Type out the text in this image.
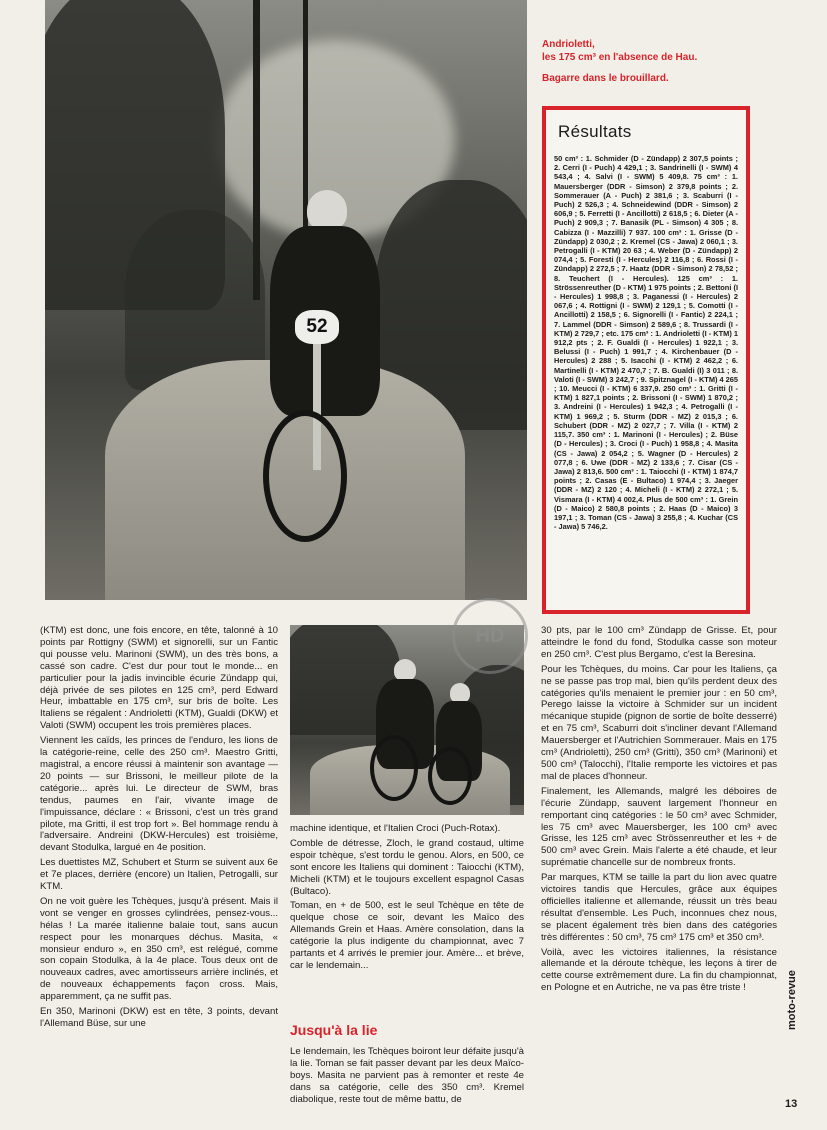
52
Andrioletti,
les 175 cm³ en l'absence de Hau.
Bagarre dans le brouillard.
Résultats

50 cm³ : 1. Schmider (D - Zündapp) 2 307,5 points ; 2. Cerri (I - Puch) 4 429,1 ; 3. Sandrinelli (I - SWM) 4 543,4 ; 4. Salvi (I - SWM) 5 409,8. 75 cm³ : 1. Mauersberger (DDR - Simson) 2 379,8 points ; 2. Sommerauer (A - Puch) 2 381,6 ; 3. Scaburri (I - Puch) 2 526,3 ; 4. Schneidewind (DDR - Simson) 2 606,9 ; 5. Ferretti (I - Ancillotti) 2 618,5 ; 6. Dieter (A - Puch) 2 909,3 ; 7. Banasik (PL - Simson) 4 305 ; 8. Cabizza (I - Mazzilli) 7 937. 100 cm³ : 1. Grisse (D - Zündapp) 2 030,2 ; 2. Kremel (CS - Jawa) 2 060,1 ; 3. Petrogalli (I - KTM) 20 63 ; 4. Weber (D - Zündapp) 2 074,4 ; 5. Foresti (I - Hercules) 2 116,8 ; 6. Rossi (I - Zündapp) 2 272,5 ; 7. Haatz (DDR - Simson) 2 78,52 ; 8. Teuchert (I - Hercules). 125 cm³ : 1. Strössenreuther (D - KTM) 1 975 points ; 2. Bettoni (I - Hercules) 1 998,8 ; 3. Paganessi (I - Hercules) 2 067,6 ; 4. Rottigni (I - SWM) 2 129,1 ; 5. Comotti (I - Ancillotti) 2 158,5 ; 6. Signorelli (I - Fantic) 2 224,1 ; 7. Lammel (DDR - Simson) 2 589,6 ; 8. Trussardi (I - KTM) 2 729,7 ; etc. 175 cm³ : 1. Andrioletti (I - KTM) 1 912,2 pts ; 2. F. Gualdi (I - Hercules) 1 922,1 ; 3. Belussi (I - Puch) 1 991,7 ; 4. Kirchenbauer (D - Hercules) 2 288 ; 5. Isacchi (I - KTM) 2 462,2 ; 6. Martinelli (I - KTM) 2 470,7 ; 7. B. Gualdi (I) 3 011 ; 8. Valoti (I - SWM) 3 242,7 ; 9. Spitznagel (I - KTM) 4 265 ; 10. Meucci (I - KTM) 6 337,9. 250 cm³ : 1. Gritti (I - KTM) 1 827,1 points ; 2. Brissoni (I - SWM) 1 870,2 ; 3. Andreini (I - Hercules) 1 942,3 ; 4. Petrogalli (I - KTM) 1 969,2 ; 5. Sturm (DDR - MZ) 2 015,3 ; 6. Schubert (DDR - MZ) 2 027,7 ; 7. Villa (I - KTM) 2 115,7. 350 cm³ : 1. Marinoni (I - Hercules) ; 2. Büse (D - Hercules) ; 3. Croci (I - Puch) 1 958,8 ; 4. Masita (CS - Jawa) 2 054,2 ; 5. Wagner (D - Hercules) 2 077,8 ; 6. Uwe (DDR - MZ) 2 133,6 ; 7. Cisar (CS - Jawa) 2 813,6. 500 cm³ : 1. Taiocchi (I - KTM) 1 874,7 points ; 2. Casas (E - Bultaco) 1 974,4 ; 3. Jaeger (DDR - MZ) 2 120 ; 4. Micheli (I - KTM) 2 272,1 ; 5. Vismara (I - KTM) 4 002,4. Plus de 500 cm³ : 1. Grein (D - Maico) 2 580,8 points ; 2. Haas (D - Maico) 3 197,1 ; 3. Toman (CS - Jawa) 3 255,8 ; 4. Kuchar (CS - Jawa) 5 746,2.

HD

(KTM) est donc, une fois encore, en tête, talonné à 10 points par Rottigny (SWM) et signorelli, sur un Fantic qui pousse velu. Marinoni (SWM), un des très bons, a cassé son cadre. C'est dur pour tout le monde... en particulier pour la jadis invincible écurie Zündapp qui, déjà privée de ses pilotes en 125 cm³, perd Edward Heur, imbattable en 175 cm³, sur bris de boîte. Les Italiens se régalent : Andrioletti (KTM), Gualdi (DKW) et Valoti (SWM) occupent les trois premières places.

Viennent les caïds, les princes de l'enduro, les lions de la catégorie-reine, celle des 250 cm³. Maestro Gritti, magistral, a encore réussi à maintenir son avantage — 20 points — sur Brissoni, le meilleur pilote de la catégorie... après lui. Le directeur de SWM, bras tendus, paumes en l'air, vivante image de l'impuissance, déclare : « Brissoni, c'est un très grand pilote, ma Gritti, il est trop fort ». Bel hommage rendu à l'adversaire. Andreini (DKW-Hercules) est troisième, devant Stodulka, largué en 4e position.

Les duettistes MZ, Schubert et Sturm se suivent aux 6e et 7e places, derrière (encore) un Italien, Petrogalli, sur KTM.

On ne voit guère les Tchèques, jusqu'à présent. Mais il vont se venger en grosses cylindrées, pensez-vous... hélas ! La marée italienne balaie tout, sans aucun respect pour les monarques déchus. Masita, « monsieur enduro », en 350 cm³, est relégué, comme son copain Stodulka, à la 4e place. Tous deux ont de nouveaux cadres, avec amortisseurs arrière inclinés, et de nouveaux échappements façon cross. Mais, apparemment, ça ne suffit pas.

En 350, Marinoni (DKW) est en tête, 3 points, devant l'Allemand Büse, sur une

machine identique, et l'Italien Croci (Puch-Rotax).

Comble de détresse, Zloch, le grand costaud, ultime espoir tchèque, s'est tordu le genou. Alors, en 500, ce sont encore les Italiens qui dominent : Taiocchi (KTM), Micheli (KTM) et le toujours excellent espagnol Casas (Bultaco).

Toman, en + de 500, est le seul Tchèque en tête de quelque chose ce soir, devant les Maïco des Allemands Grein et Haas. Amère consolation, dans la catégorie la plus indigente du championnat, avec 7 partants et 4 arrivés le premier jour. Amère... et brève, car le lendemain...

Jusqu'à la lie

Le lendemain, les Tchèques boiront leur défaite jusqu'à la lie. Toman se fait passer devant par les deux Maïco-boys. Masita ne parvient pas à remonter et reste 4e dans sa catégorie, celle des 350 cm³. Kremel diabolique, reste tout de même battu, de

30 pts, par le 100 cm³ Zündapp de Grisse. Et, pour atteindre le fond du fond, Stodulka casse son moteur en 250 cm³. C'est plus Bergamo, c'est la Beresina.

Pour les Tchèques, du moins. Car pour les Italiens, ça ne se passe pas trop mal, bien qu'ils perdent deux des catégories qu'ils menaient le premier jour : en 50 cm³, Perego laisse la victoire à Schmider sur un incident mécanique stupide (pignon de sortie de boîte desserré) et en 75 cm³, Scaburri doit s'incliner devant l'Allemand Mauersberger et l'Autrichien Sommerauer. Mais en 175 cm³ (Andrioletti), 250 cm³ (Gritti), 350 cm³ (Marinoni) et 500 cm³ (Talocchi), l'Italie remporte les victoires et pas mal de places d'honneur.

Finalement, les Allemands, malgré les déboires de l'écurie Zündapp, sauvent largement l'honneur en remportant cinq catégories : le 50 cm³ avec Schmider, les 75 cm³ avec Mauersberger, les 100 cm³ avec Grisse, les 125 cm³ avec Strössenreuther et les + de 500 cm³ avec Grein. Mais l'alerte a été chaude, et leur suprématie chancelle sur de nombreux fronts.

Par marques, KTM se taille la part du lion avec quatre victoires tandis que Hercules, grâce aux équipes officielles italienne et allemande, réussit un très beau résultat d'ensemble. Les Puch, inconnues chez nous, se placent également très bien dans des catégories très différentes : 50 cm³, 75 cm³ 175 cm³ et 350 cm³.

Voilà, avec les victoires italiennes, la résistance allemande et la déroute tchèque, les leçons à tirer de cette course extrêmement dure. La fin du championnat, en Pologne et en Autriche, ne va pas être triste !	moto-revue
13
